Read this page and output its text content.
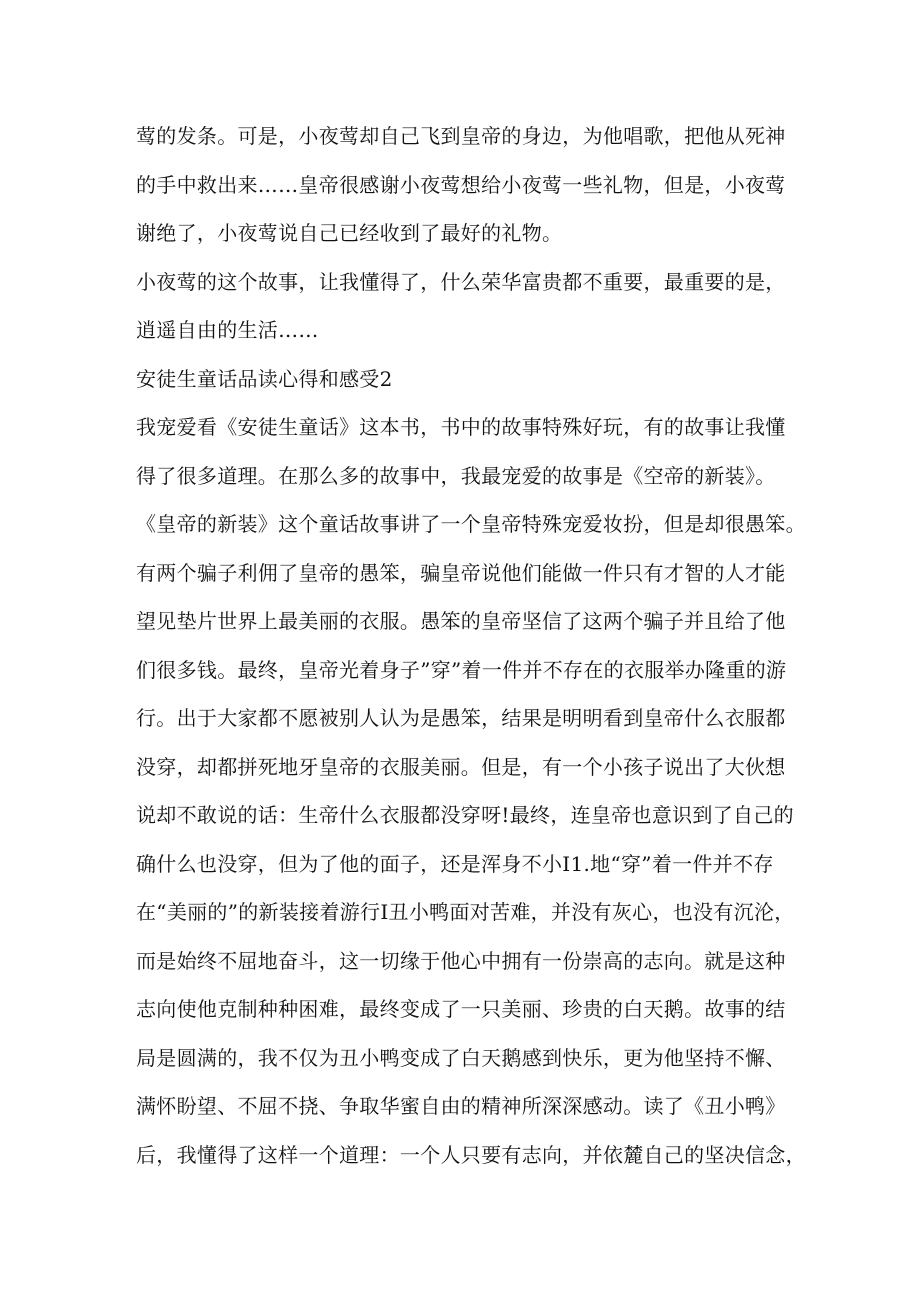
莺的发条。可是，小夜莺却自己飞到皇帝的身边，为他唱歌，把他从死神
的手中救出来……皇帝很感谢小夜莺想给小夜莺一些礼物，但是，小夜莺
谢绝了，小夜莺说自己已经收到了最好的礼物。
小夜莺的这个故事，让我懂得了，什么荣华富贵都不重要，最重要的是，
逍遥自由的生活……
安徒生童话品读心得和感受2
我宠爱看《安徒生童话》这本书，书中的故事特殊好玩，有的故事让我懂
得了很多道理。在那么多的故事中，我最宠爱的故事是《空帝的新装》。
《皇帝的新装》这个童话故事讲了一个皇帝特殊宠爱妆扮，但是却很愚笨。
有两个骗子利佣了皇帝的愚笨，骗皇帝说他们能做一件只有才智的人才能
望见垫片世界上最美丽的衣服。愚笨的皇帝坚信了这两个骗子并且给了他
们很多钱。最终，皇帝光着身子”穿”着一件并不存在的衣服举办隆重的游
行。出于大家都不愿被别人认为是愚笨，结果是明明看到皇帝什么衣服都
没穿，却都拼死地牙皇帝的衣服美丽。但是，有一个小孩子说出了大伙想
说却不敢说的话：生帝什么衣服都没穿呀!最终，连皇帝也意识到了自己的
确什么也没穿，但为了他的面子，还是浑身不小I1.地“穿”着一件并不存
在“美丽的”的新装接着游行I丑小鸭面对苦难，并没有灰心，也没有沉沦，
而是始终不屈地奋斗，这一切缘于他心中拥有一份崇高的志向。就是这种
志向使他克制种种困难，最终变成了一只美丽、珍贵的白天鹅。故事的结
局是圆满的，我不仅为丑小鸭变成了白天鹅感到快乐，更为他坚持不懈、
满怀盼望、不屈不挠、争取华蜜自由的精神所深深感动。读了《丑小鸭》
后，我懂得了这样一个道理：一个人只要有志向，并依麓自己的坚决信念，
